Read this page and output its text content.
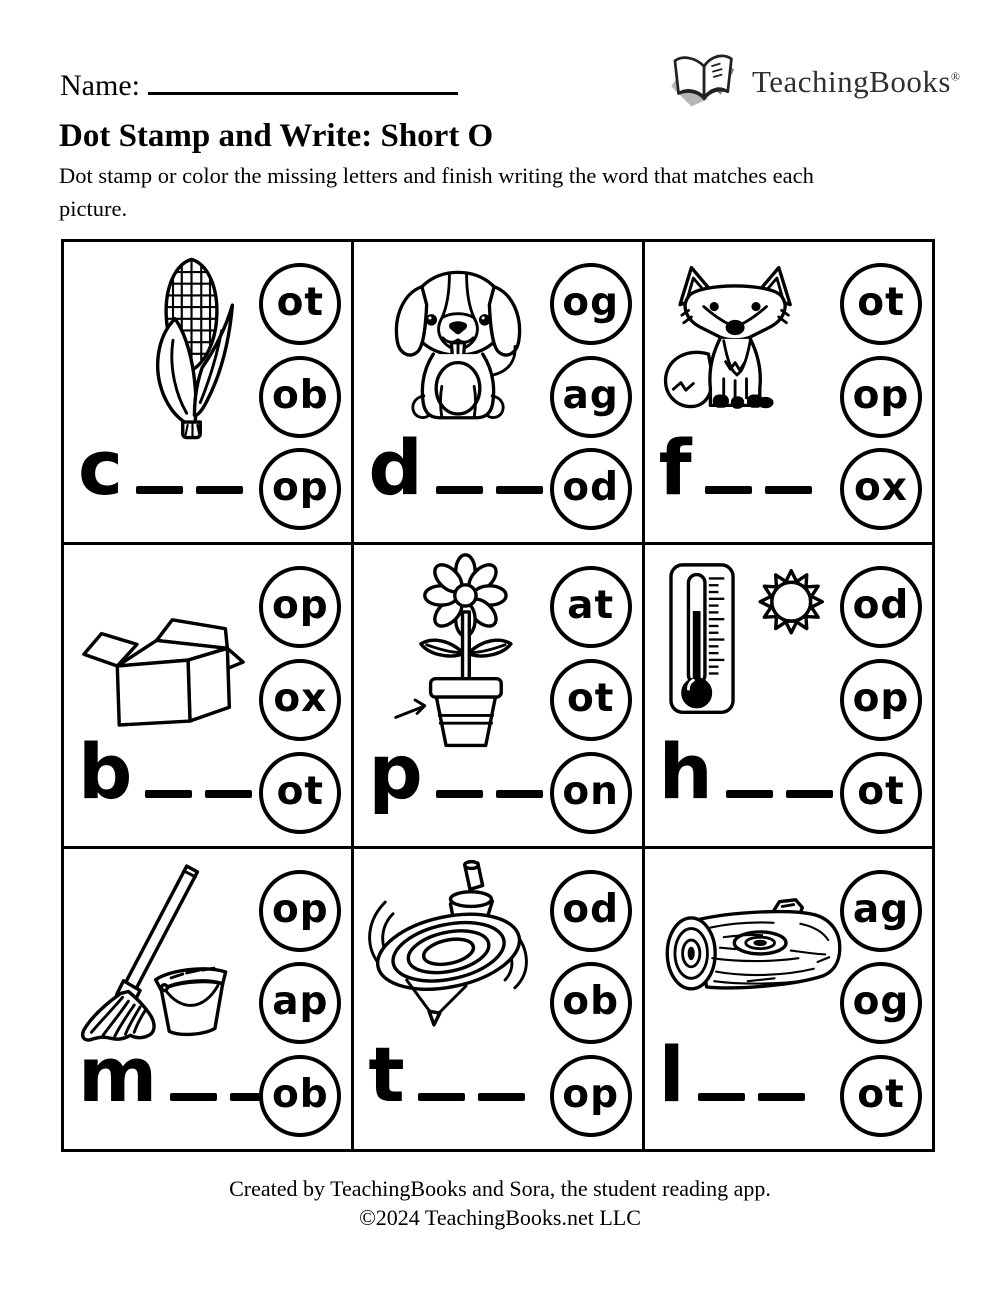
Name:	TeachingBooks®
Dot Stamp and Write: Short O
Dot stamp or color the missing letters and finish writing the word that matches each
picture.
c
ot
ob
op d
og
ag
od f
ot
op
ox
b
op
ox
ot p
at
ot
on h
od
op
ot
m
op
ap
ob t
od
ob
op l
ag
og
ot
Created by TeachingBooks and Sora, the student reading app.
©2024 TeachingBooks.net LLC
